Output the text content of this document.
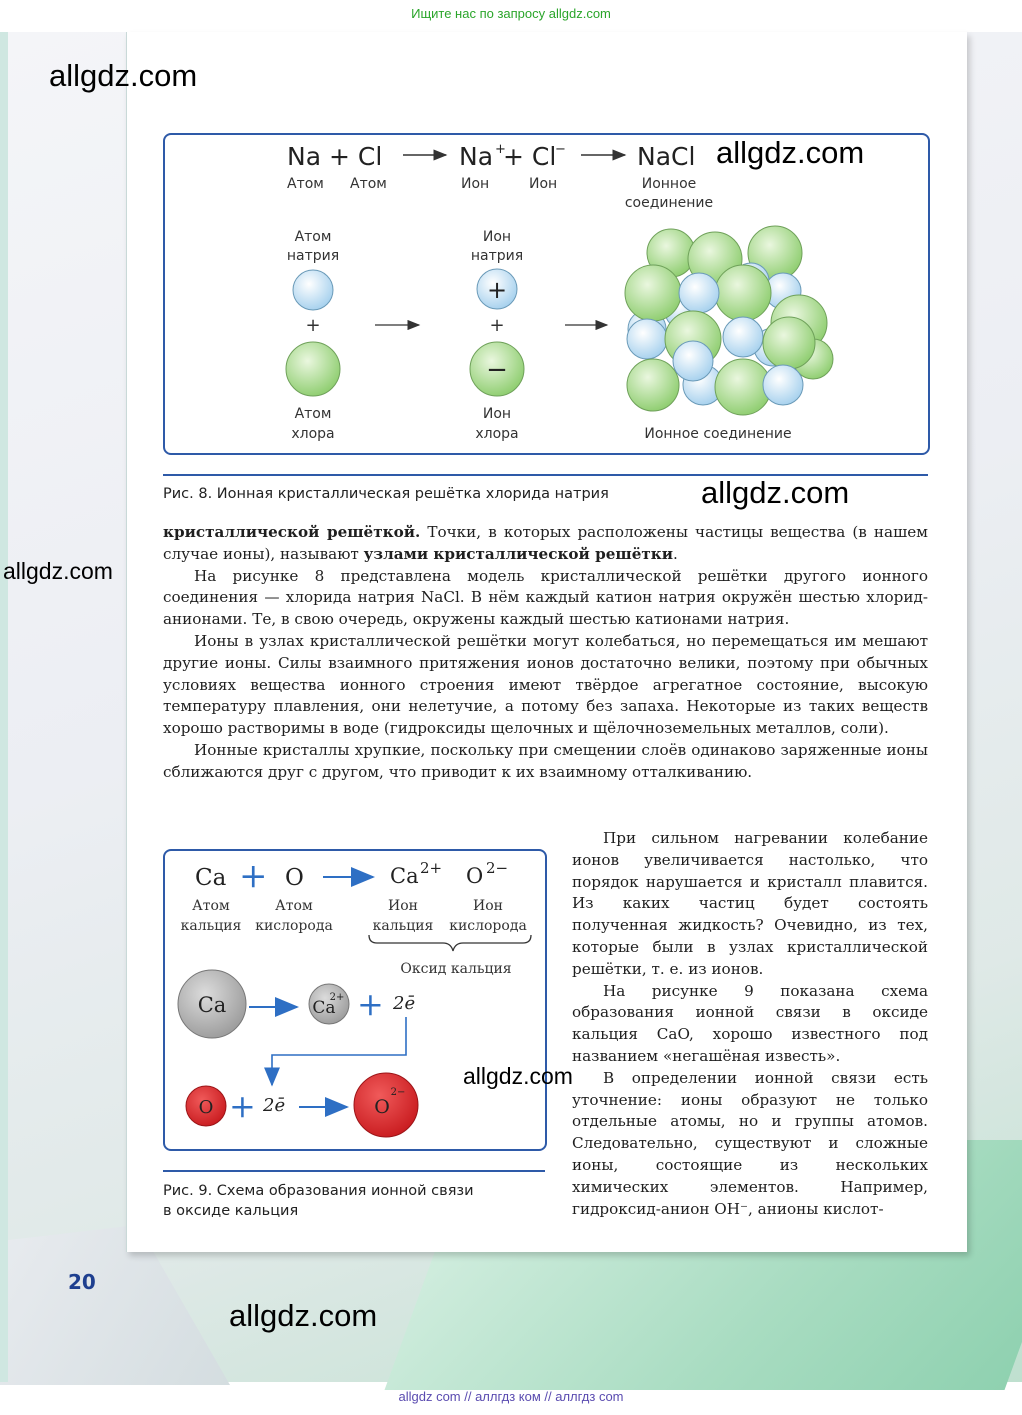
Ищите нас по запросу allgdz.com
Na + Cl	Na +
+ Cl
−	NaCl
Атом Атом	Ион	Ион	Ионное
соединение
Атом
натрия
+
Атом
хлора
Ион
натрия
+
+
−
Ион
хлора	Ионное соединение
Рис. 8. Ионная кристаллическая решётка хлорида натрия

кристаллической решёткой. Точки, в которых расположены частицы вещества (в нашем случае ионы), называют узлами кристаллической решётки.

На рисунке 8 представлена модель кристаллической решётки другого ионного соединения — хлорида натрия NaCl. В нём каждый катион натрия окружён шестью хлорид-анионами. Те, в свою очередь, окружены каждый шестью катионами натрия.

Ионы в узлах кристаллической решётки могут колебаться, но перемещаться им мешают другие ионы. Силы взаимного притяжения ионов достаточно велики, поэтому при обычных условиях вещества ионного строения имеют твёрдое агрегатное состояние, высокую температуру плавления, они нелетучие, а потому без запаха. Некоторые из таких веществ хорошо растворимы в воде (гидроксиды щелочных и щёлочноземельных металлов, соли).

Ионные кристаллы хрупкие, поскольку при смещении слоёв одинаково заряженные ионы сближаются друг с другом, что приводит к их взаимному отталкиванию.

Ca + O	Ca 2+ O 2−
Атом
кальция
Атом
кислорода
Ион
кальция
Ион
кислорода
Оксид кальция
Ca	Ca
2+ + 2ē
O + 2ē	O
2−
Рис. 9. Схема образования ионной связи
в оксиде кальция

При сильном нагревании колебание ионов увеличивается настолько, что порядок нарушается и кристалл плавится. Из каких частиц будет состоять полученная жидкость? Очевидно, из тех, которые были в узлах кристаллической решётки, т. е. из ионов.

На рисунке 9 показана схема образования ионной связи в оксиде кальция CaO, хорошо известного под названием «негашёная известь».

В определении ионной связи есть уточнение: ионы образуют не только отдельные атомы, но и группы атомов. Следовательно, существуют и сложные ионы, состоящие из нескольких химических элементов. Например, гидроксид-анион OH⁻, анионы кислот-

20
allgdz.com
allgdz.com
allgdz.com
allgdz.com
allgdz.com
allgdz.com
allgdz com // аллгдз ком // аллгдз com
